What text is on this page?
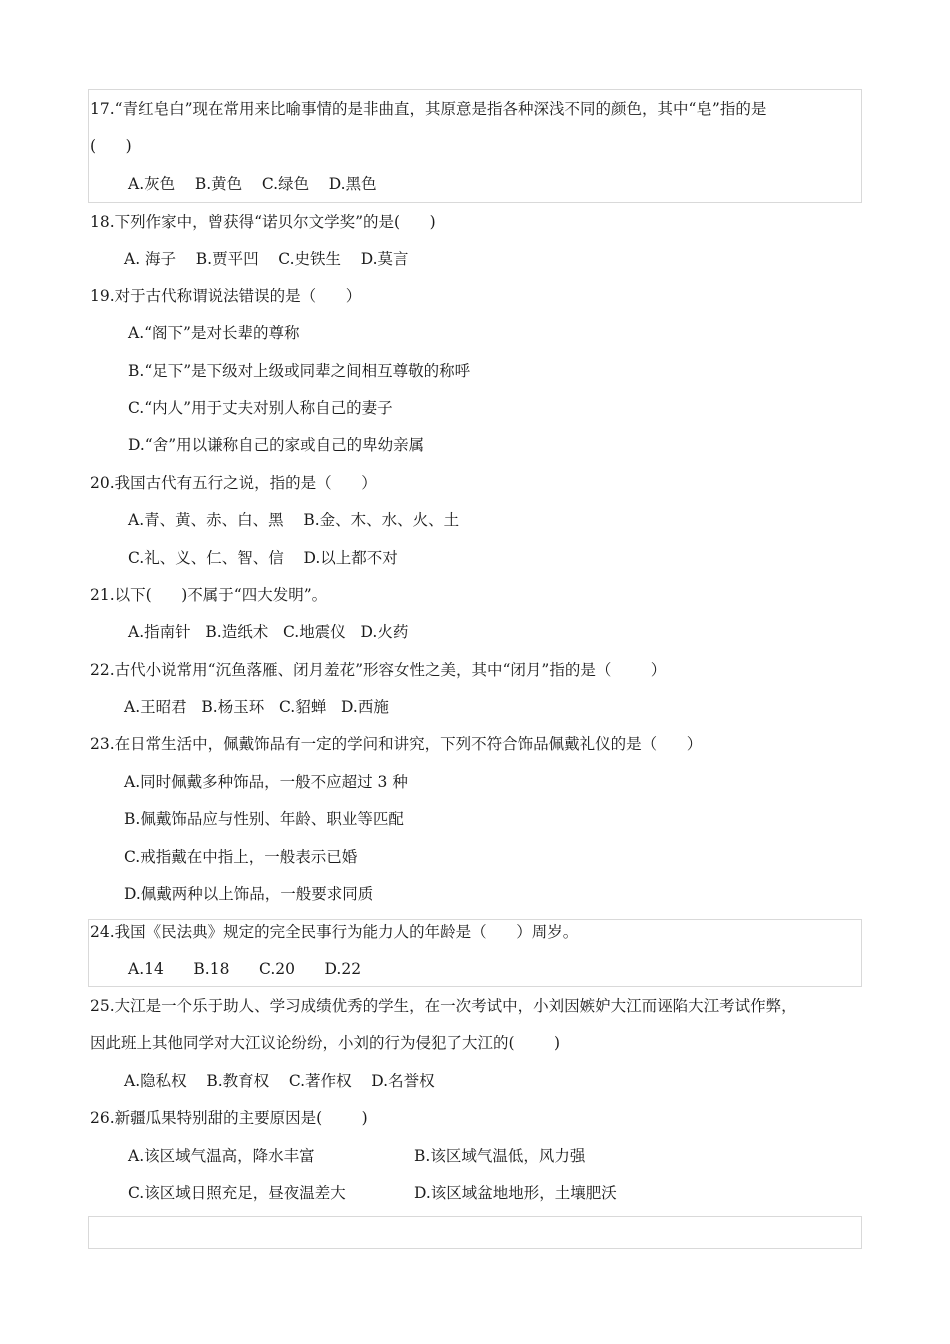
17.“青红皂白”现在常用来比喻事情的是非曲直，其原意是指各种深浅不同的颜色，其中“皂”指的是
(      )
A.灰色    B.黄色    C.绿色    D.黑色
18.下列作家中，曾获得“诺贝尔文学奖”的是(      )
A. 海子    B.贾平凹    C.史铁生    D.莫言
19.对于古代称谓说法错误的是（      ）
A.“阁下”是对长辈的尊称
B.“足下”是下级对上级或同辈之间相互尊敬的称呼
C.“内人”用于丈夫对别人称自己的妻子
D.“舍”用以谦称自己的家或自己的卑幼亲属
20.我国古代有五行之说，指的是（      ）
A.青、黄、赤、白、黑    B.金、木、水、火、土
C.礼、义、仁、智、信    D.以上都不对
21.以下(      )不属于“四大发明”。
A.指南针   B.造纸术   C.地震仪   D.火药
22.古代小说常用“沉鱼落雁、闭月羞花”形容女性之美，其中“闭月”指的是（        ）
A.王昭君   B.杨玉环   C.貂蝉   D.西施
23.在日常生活中，佩戴饰品有一定的学问和讲究，下列不符合饰品佩戴礼仪的是（      ）
A.同时佩戴多种饰品，一般不应超过 3 种
B.佩戴饰品应与性别、年龄、职业等匹配
C.戒指戴在中指上，一般表示已婚
D.佩戴两种以上饰品，一般要求同质
24.我国《民法典》规定的完全民事行为能力人的年龄是（      ）周岁。
A.14      B.18      C.20      D.22
25.大江是一个乐于助人、学习成绩优秀的学生，在一次考试中，小刘因嫉妒大江而诬陷大江考试作弊，
因此班上其他同学对大江议论纷纷，小刘的行为侵犯了大江的(        )
A.隐私权    B.教育权    C.著作权    D.名誉权
26.新疆瓜果特别甜的主要原因是(        )
A.该区域气温高，降水丰富	B.该区域气温低，风力强
C.该区域日照充足，昼夜温差大	D.该区域盆地地形，土壤肥沃
